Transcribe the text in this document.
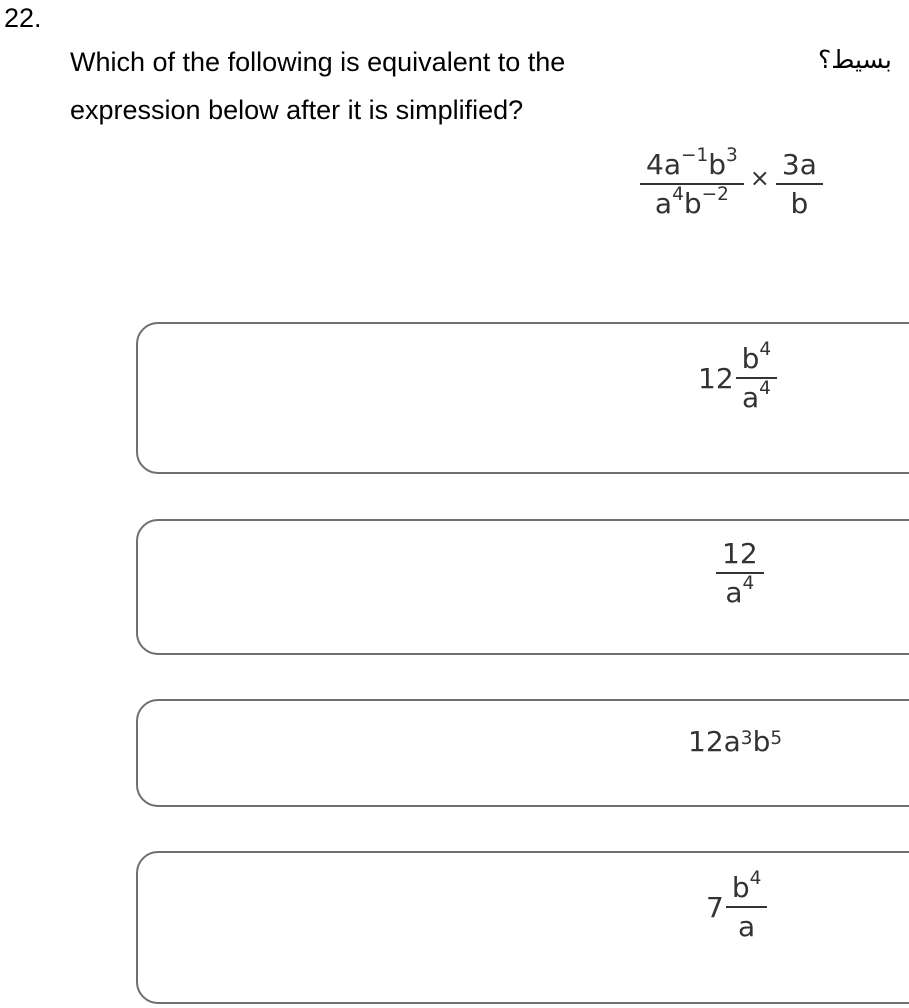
22.
Which of the following is equivalent to the expression below after it is simplified?
بسيط؟
$\frac{4a^{-1}b^3}{a^4b^{-2}} \times \frac{3a}{b}$
$12 \frac{b^4}{a^4}$
$\frac{12}{a^4}$
$12a^3$ $b^5$
$7 \frac{b^4}{a}$
